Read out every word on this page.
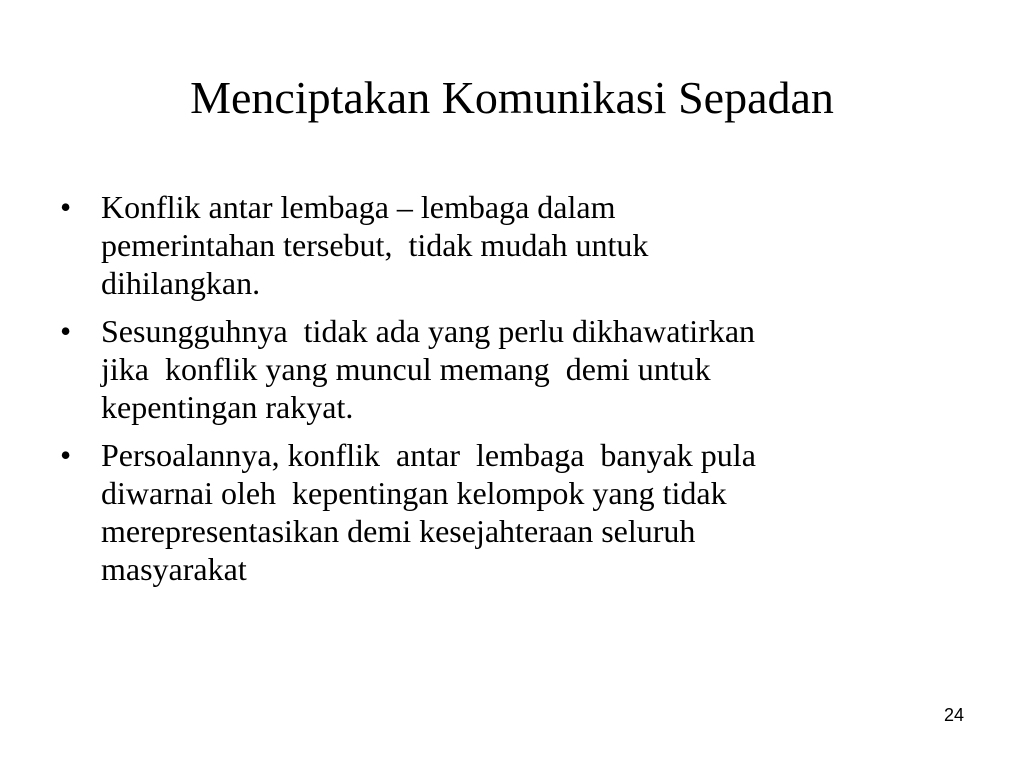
Menciptakan Komunikasi Sepadan
• Konflik antar lembaga – lembaga dalam
pemerintahan tersebut,  tidak mudah untuk
dihilangkan.
• Sesungguhnya  tidak ada yang perlu dikhawatirkan
jika  konflik yang muncul memang  demi untuk
kepentingan rakyat.
• Persoalannya, konflik  antar  lembaga  banyak pula
diwarnai oleh  kepentingan kelompok yang tidak
merepresentasikan demi kesejahteraan seluruh
masyarakat
24
